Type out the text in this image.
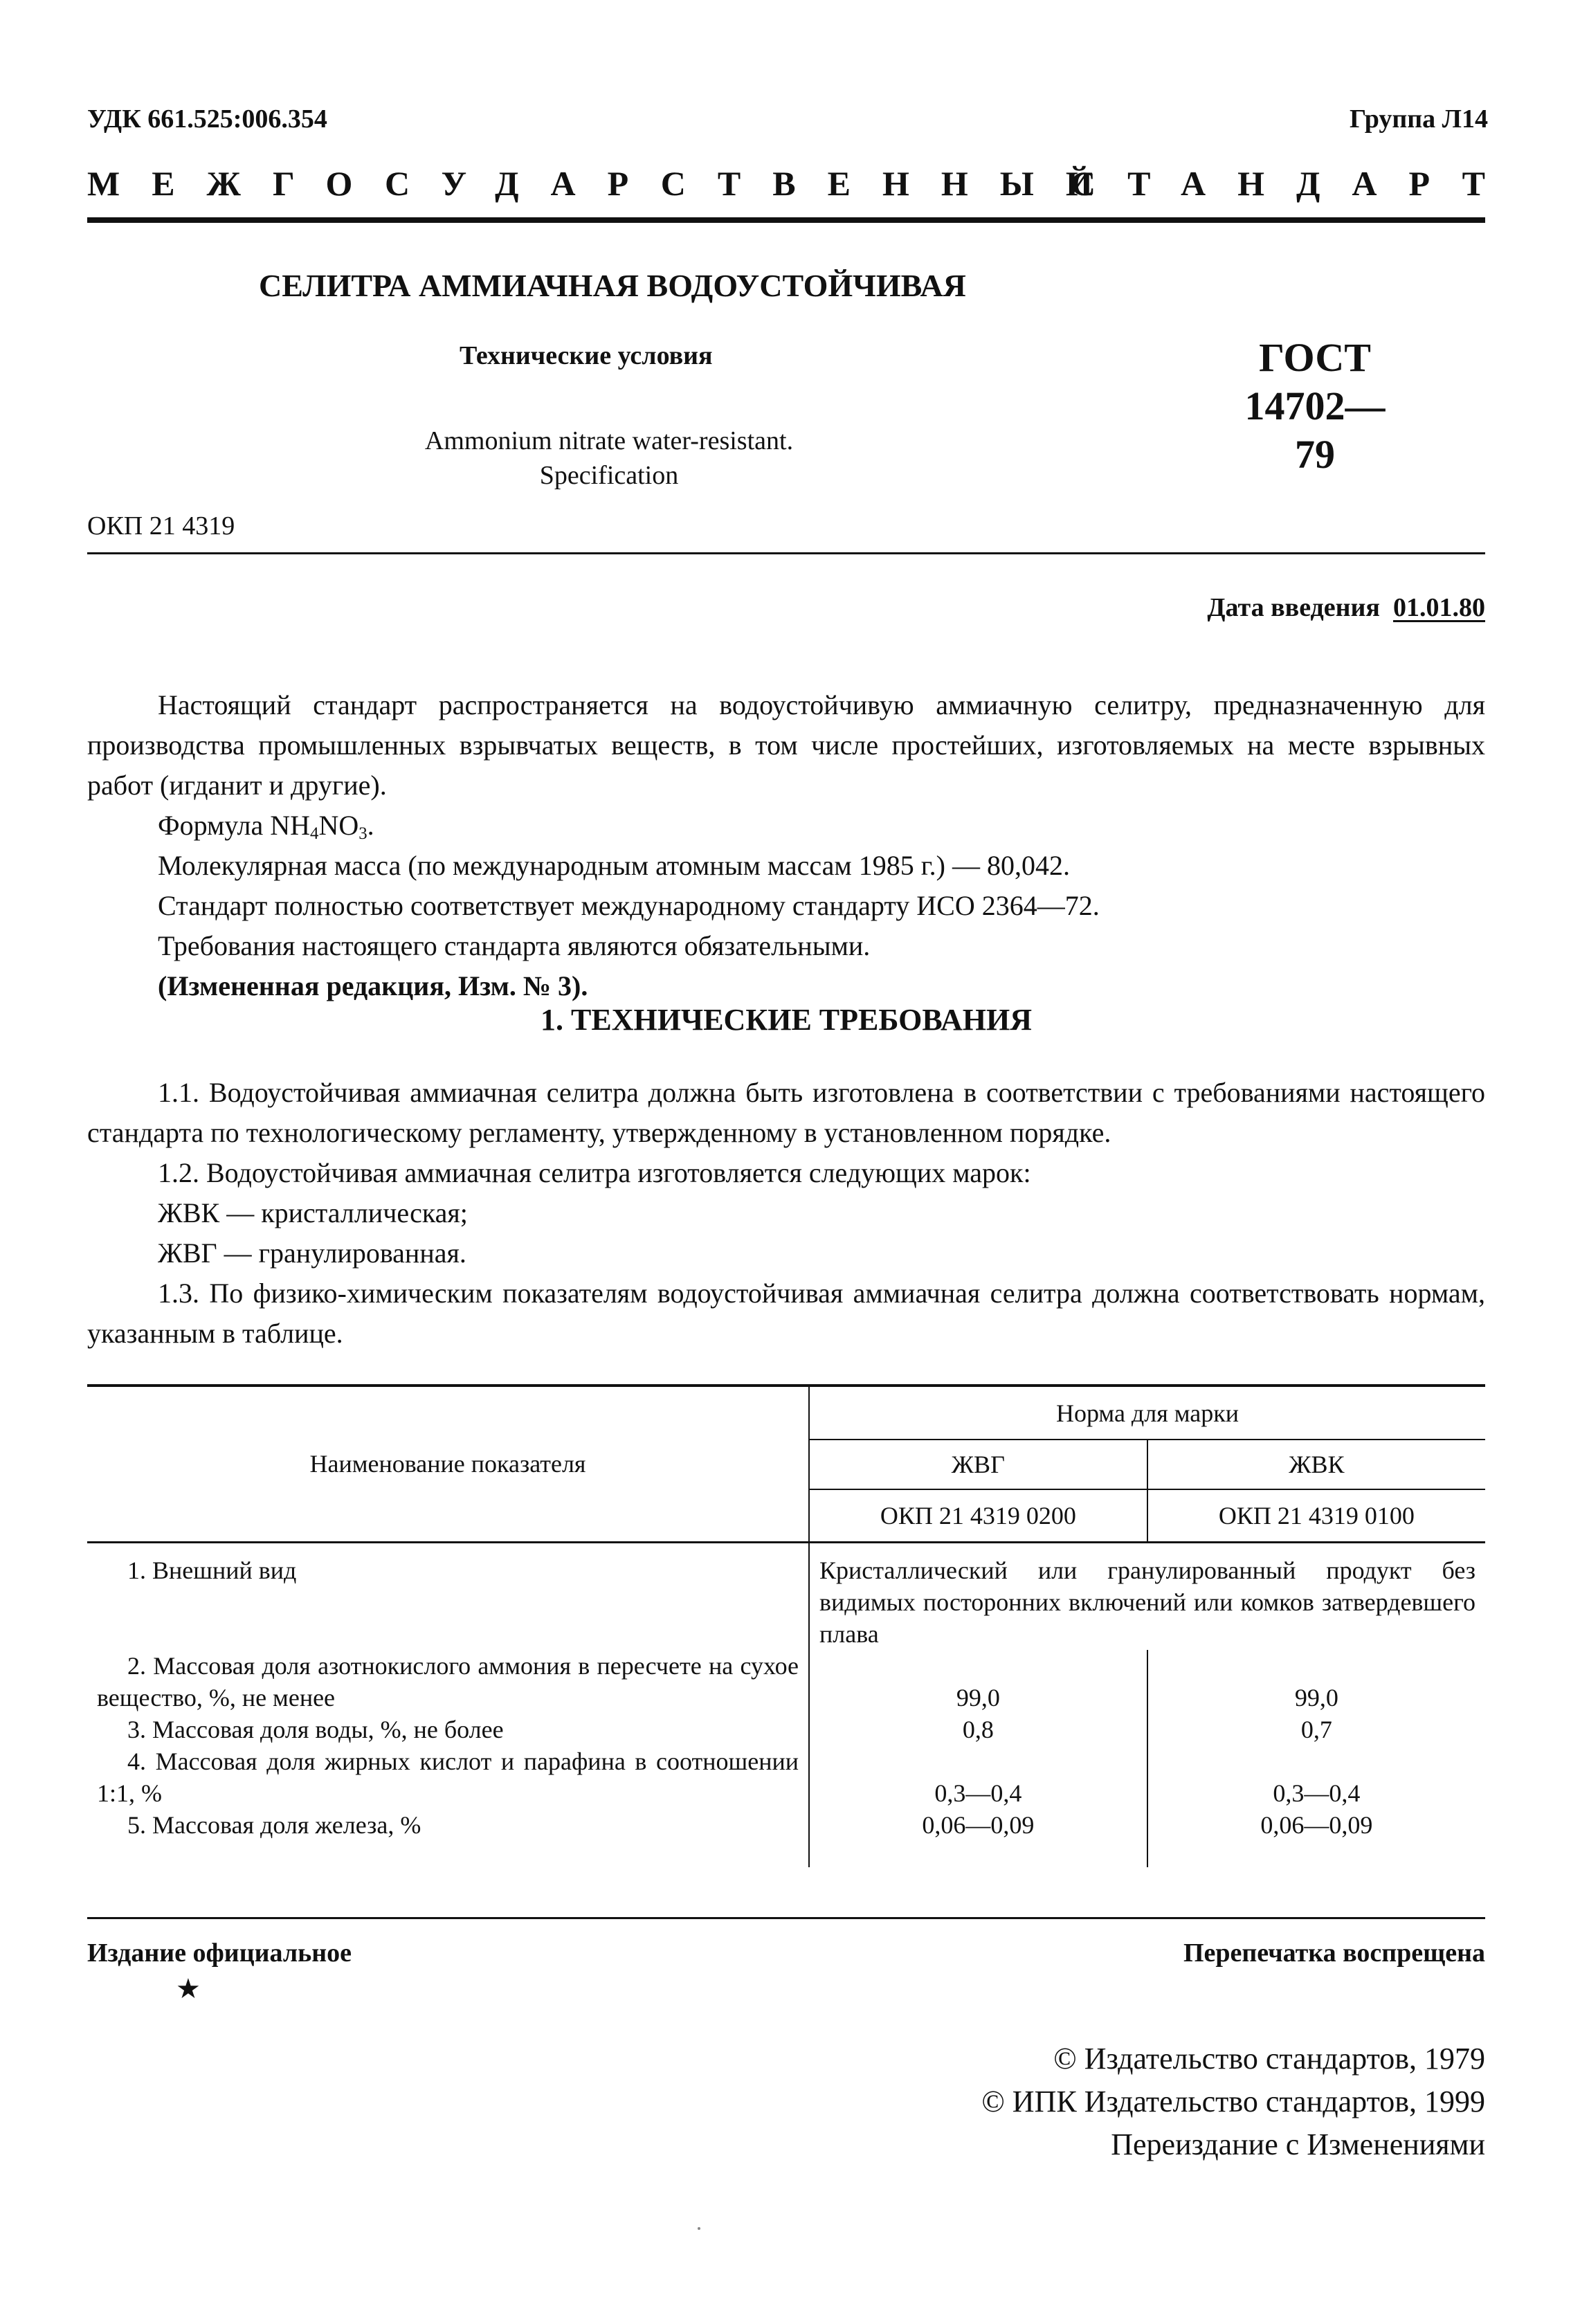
УДК 661.525:006.354	Группа Л14
МЕЖГОСУДАРСТВЕННЫЙ
СТАНДАРТ
СЕЛИТРА АММИАЧНАЯ ВОДОУСТОЙЧИВАЯ
Технические условия	ГОСТ
14702—79
Ammonium nitrate water-resistant.
Specification
ОКП 21 4319
Дата введения 01.01.80

Настоящий стандарт распространяется на водоустойчивую аммиачную селитру, предназначенную для производства промышленных взрывчатых веществ, в том числе простейших, изготовляемых на месте взрывных работ (игданит и другие).

Формула $NH_4NO_3$.

Молекулярная масса (по международным атомным массам 1985 г.) — 80,042.

Стандарт полностью соответствует международному стандарту ИСО 2364—72.

Требования настоящего стандарта являются обязательными.

(Измененная редакция, Изм. № 3).

1. ТЕХНИЧЕСКИЕ ТРЕБОВАНИЯ

1.1. Водоустойчивая аммиачная селитра должна быть изготовлена в соответствии с требованиями настоящего стандарта по технологическому регламенту, утвержденному в установленном порядке.

1.2. Водоустойчивая аммиачная селитра изготовляется следующих марок:

ЖВК — кристаллическая;

ЖВГ — гранулированная.

1.3. По физико-химическим показателям водоустойчивая аммиачная селитра должна соответствовать нормам, указанным в таблице.

Наименование показателя	Норма для марки	
	ЖВГ	ЖВК
	ОКП 21 4319 0200	ОКП 21 4319 0100
1. Внешний вид	Кристаллический или гранулированный продукт без видимых посторонних включений или комков затвердевшего плава	
2. Массовая доля азотнокислого аммония в пересчете на сухое вещество, %, не менее	99,0	99,0
3. Массовая доля воды, %, не более	0,8	0,7
4. Массовая доля жирных кислот и парафина в соотношении 1:1, %	0,3—0,4	0,3—0,4
5. Массовая доля железа, %	0,06—0,09	0,06—0,09
Издание официальное
★
Перепечатка воспрещена
© Издательство стандартов, 1979
© ИПК Издательство стандартов, 1999
Переиздание с Изменениями
